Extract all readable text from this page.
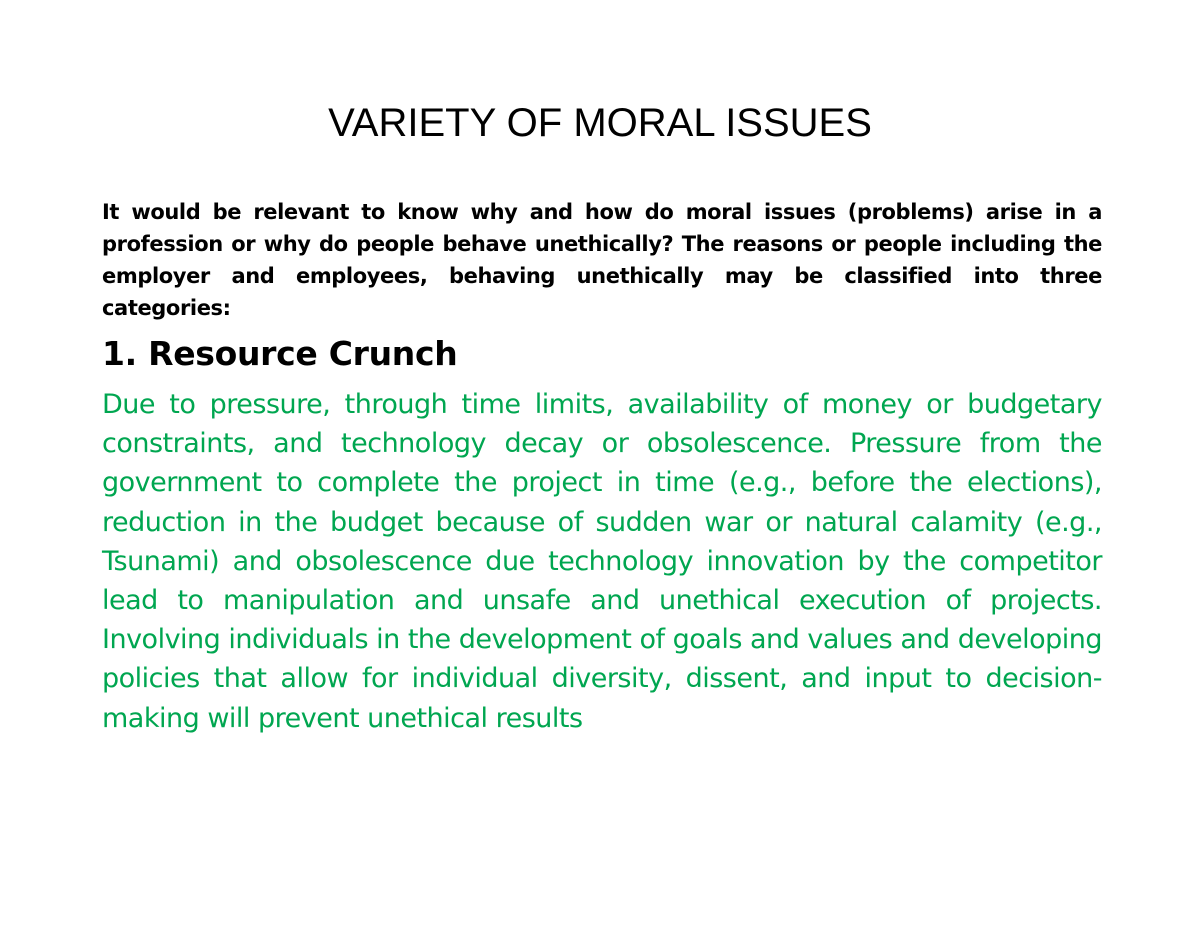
VARIETY OF MORAL ISSUES

It would be relevant to know why and how do moral issues (problems) arise in a profession or why do people behave unethically? The reasons or people including the employer and employees, behaving unethically may be classified into three categories:

1. Resource Crunch

Due to pressure, through time limits, availability of money or budgetary constraints, and technology decay or obsolescence. Pressure from the government to complete the project in time (e.g., before the elections), reduction in the budget because of sudden war or natural calamity (e.g., Tsunami) and obsolescence due technology innovation by the competitor lead to manipulation and unsafe and unethical execution of projects. Involving individuals in the development of goals and values and developing policies that allow for individual diversity, dissent, and input to decision-making will prevent unethical results
